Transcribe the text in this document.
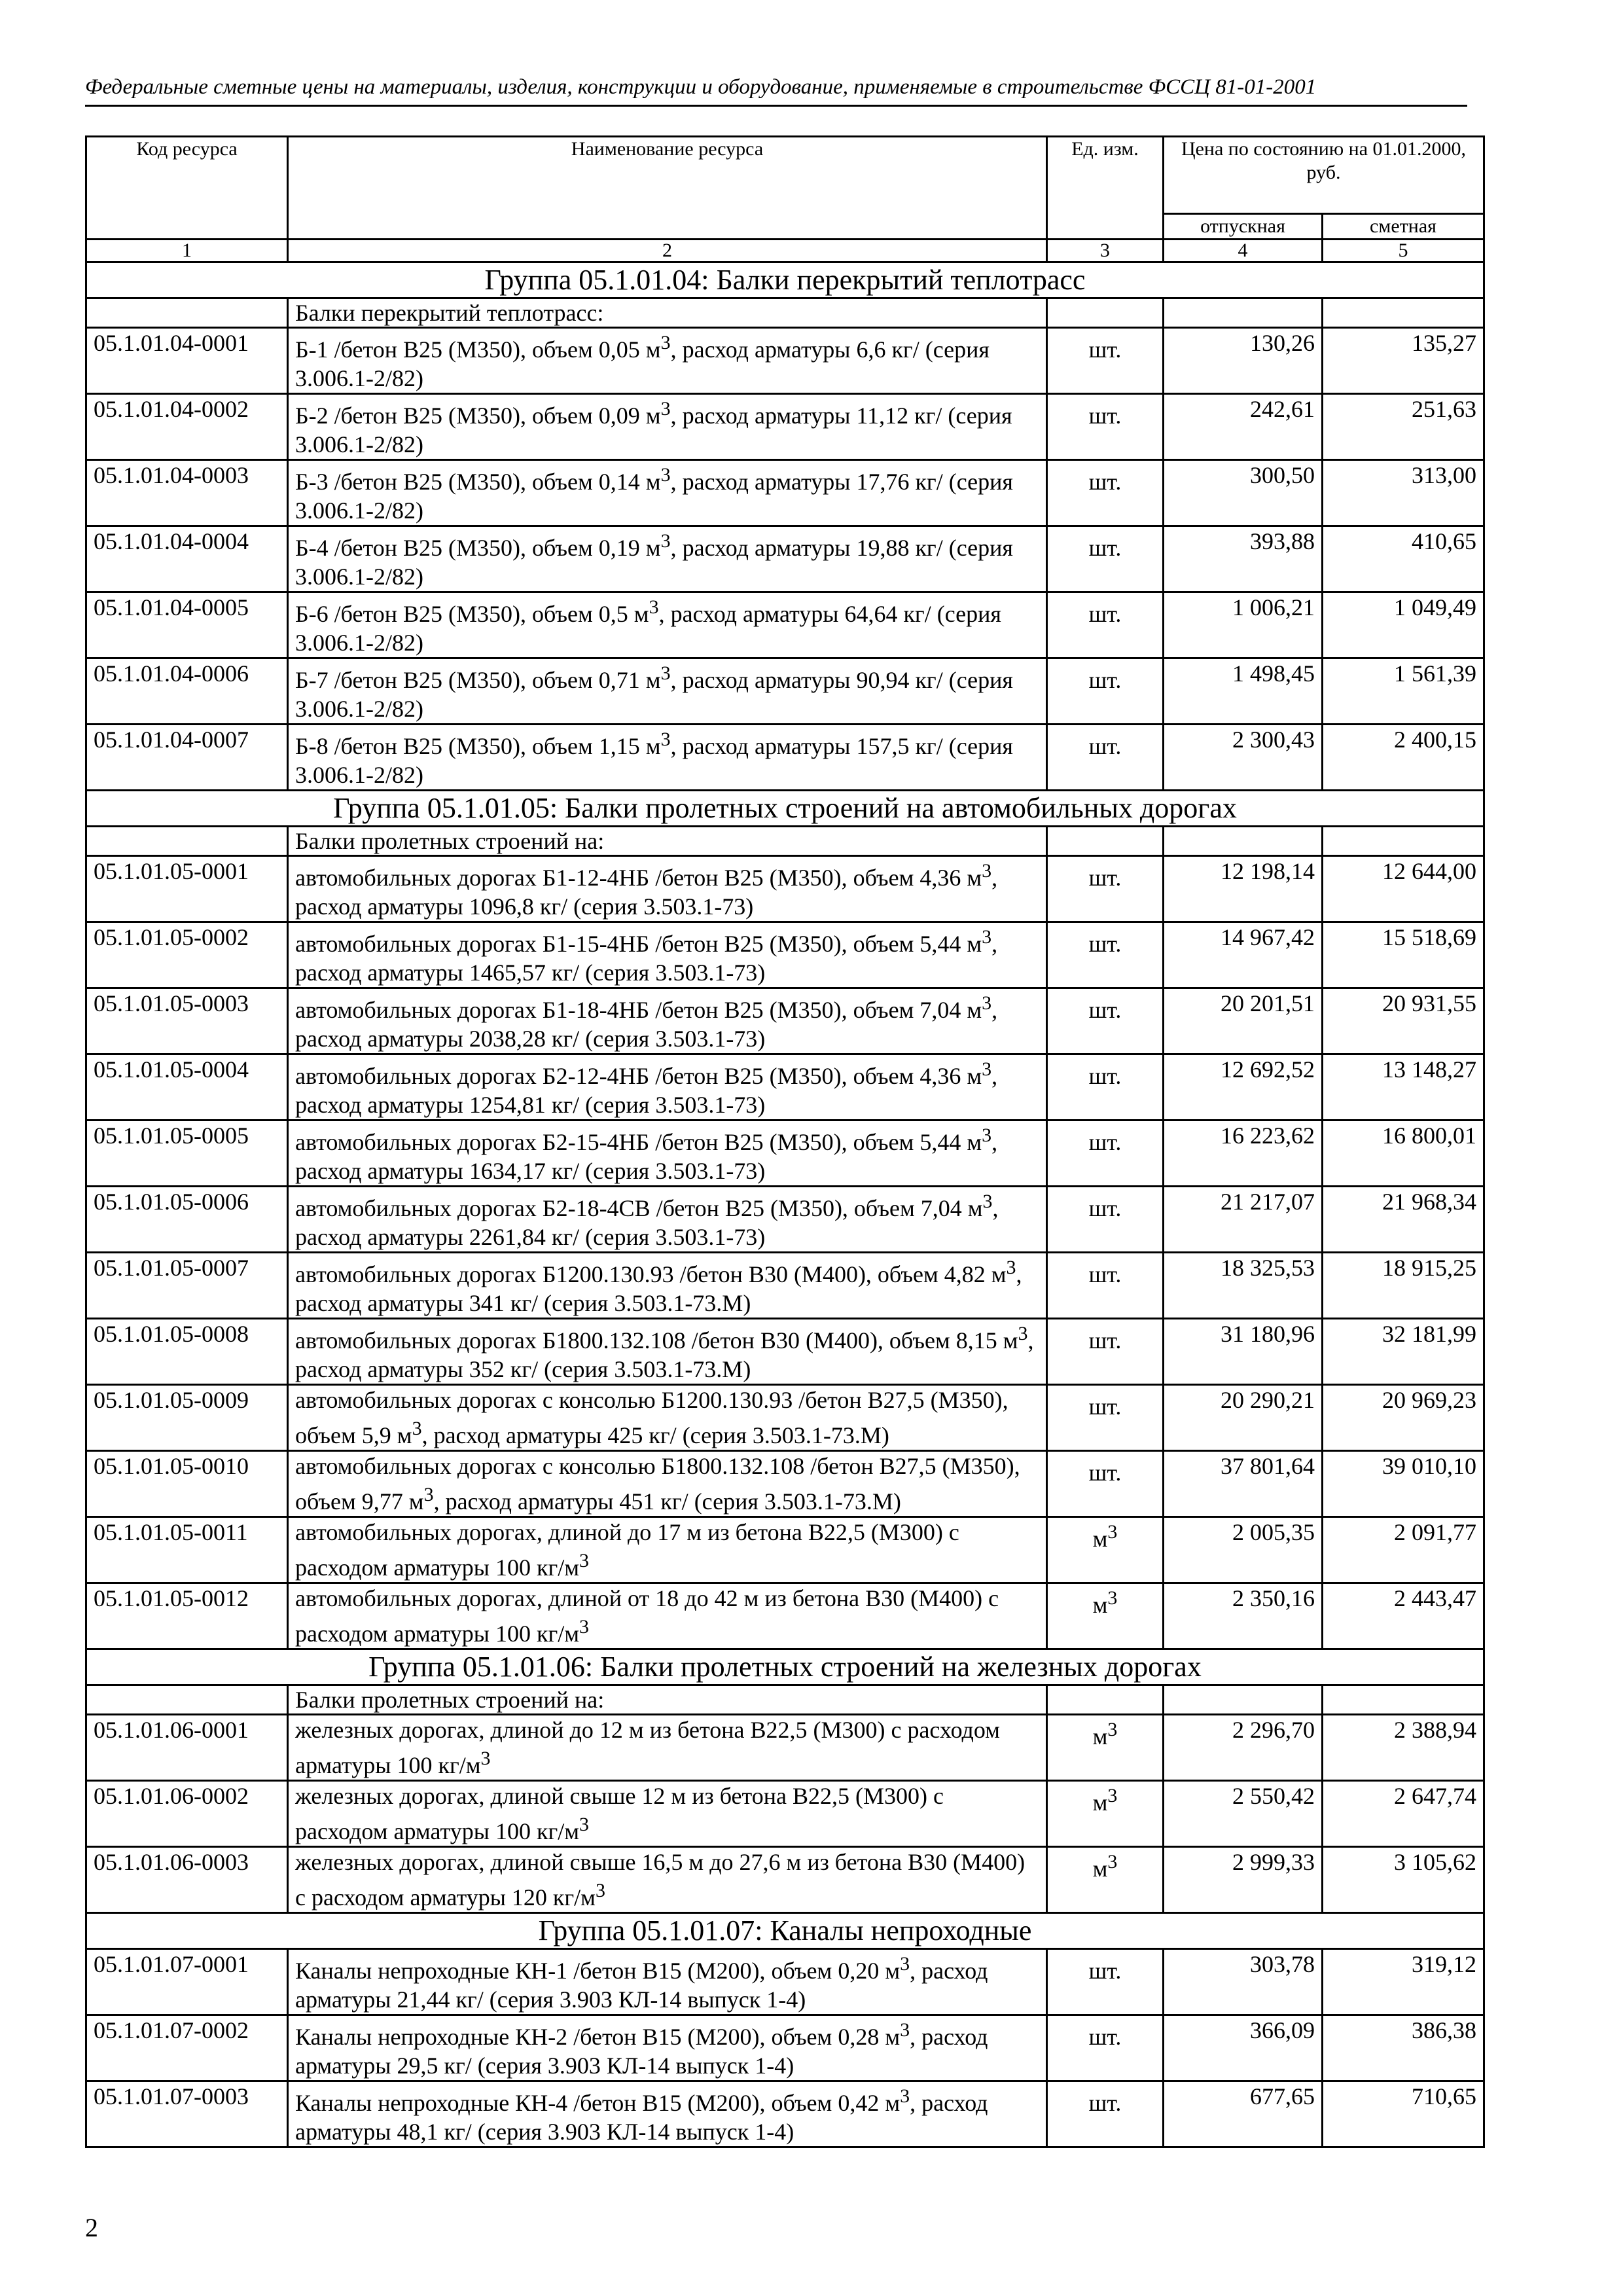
Федеральные сметные цены на материалы, изделия, конструкции и оборудование, применяемые в строительстве ФССЦ 81-01-2001
Код ресурса	Наименование ресурса	Ед. изм.	Цена по состоянию на 01.01.2000, руб.	
			отпускная	сметная
1	2	3	4	5
Группа 05.1.01.04: Балки перекрытий теплотрасс				
	Балки перекрытий теплотрасс:			
05.1.01.04-0001	Б-1 /бетон B25 (M350), объем 0,05 $м^3$, расход арматуры 6,6 кг/ (серия 3.006.1-2/82)	шт.	130,26	135,27
05.1.01.04-0002	Б-2 /бетон B25 (M350), объем 0,09 $м^3$, расход арматуры 11,12 кг/ (серия 3.006.1-2/82)	шт.	242,61	251,63
05.1.01.04-0003	Б-3 /бетон B25 (M350), объем 0,14 $м^3$, расход арматуры 17,76 кг/ (серия 3.006.1-2/82)	шт.	300,50	313,00
05.1.01.04-0004	Б-4 /бетон B25 (M350), объем 0,19 $м^3$, расход арматуры 19,88 кг/ (серия 3.006.1-2/82)	шт.	393,88	410,65
05.1.01.04-0005	Б-6 /бетон B25 (M350), объем 0,5 $м^3$, расход арматуры 64,64 кг/ (серия 3.006.1-2/82)	шт.	1 006,21	1 049,49
05.1.01.04-0006	Б-7 /бетон B25 (M350), объем 0,71 $м^3$, расход арматуры 90,94 кг/ (серия 3.006.1-2/82)	шт.	1 498,45	1 561,39
05.1.01.04-0007	Б-8 /бетон B25 (M350), объем 1,15 $м^3$, расход арматуры 157,5 кг/ (серия 3.006.1-2/82)	шт.	2 300,43	2 400,15
Группа 05.1.01.05: Балки пролетных строений на автомобильных дорогах				
	Балки пролетных строений на:			
05.1.01.05-0001	автомобильных дорогах Б1-12-4НБ /бетон B25 (M350), объем 4,36 $м^3$, расход арматуры 1096,8 кг/ (серия 3.503.1-73)	шт.	12 198,14	12 644,00
05.1.01.05-0002	автомобильных дорогах Б1-15-4НБ /бетон B25 (M350), объем 5,44 $м^3$, расход арматуры 1465,57 кг/ (серия 3.503.1-73)	шт.	14 967,42	15 518,69
05.1.01.05-0003	автомобильных дорогах Б1-18-4НБ /бетон B25 (M350), объем 7,04 $м^3$, расход арматуры 2038,28 кг/ (серия 3.503.1-73)	шт.	20 201,51	20 931,55
05.1.01.05-0004	автомобильных дорогах Б2-12-4НБ /бетон B25 (M350), объем 4,36 $м^3$, расход арматуры 1254,81 кг/ (серия 3.503.1-73)	шт.	12 692,52	13 148,27
05.1.01.05-0005	автомобильных дорогах Б2-15-4НБ /бетон B25 (M350), объем 5,44 $м^3$, расход арматуры 1634,17 кг/ (серия 3.503.1-73)	шт.	16 223,62	16 800,01
05.1.01.05-0006	автомобильных дорогах Б2-18-4СВ /бетон B25 (M350), объем 7,04 $м^3$, расход арматуры 2261,84 кг/ (серия 3.503.1-73)	шт.	21 217,07	21 968,34
05.1.01.05-0007	автомобильных дорогах Б1200.130.93 /бетон B30 (M400), объем 4,82 $м^3$, расход арматуры 341 кг/ (серия 3.503.1-73.М)	шт.	18 325,53	18 915,25
05.1.01.05-0008	автомобильных дорогах Б1800.132.108 /бетон B30 (M400), объем 8,15 $м^3$, расход арматуры 352 кг/ (серия 3.503.1-73.М)	шт.	31 180,96	32 181,99
05.1.01.05-0009	автомобильных дорогах с консолью Б1200.130.93 /бетон B27,5 (M350), объем 5,9 $м^3$, расход арматуры 425 кг/ (серия 3.503.1-73.М)	шт.	20 290,21	20 969,23
05.1.01.05-0010	автомобильных дорогах с консолью Б1800.132.108 /бетон B27,5 (M350), объем 9,77 $м^3$, расход арматуры 451 кг/ (серия 3.503.1-73.М)	шт.	37 801,64	39 010,10
05.1.01.05-0011	автомобильных дорогах, длиной до 17 м из бетона B22,5 (M300) с расходом арматуры 100 $кг/м^3$	$м^3$	2 005,35	2 091,77
05.1.01.05-0012	автомобильных дорогах, длиной от 18 до 42 м из бетона B30 (M400) с расходом арматуры 100 $кг/м^3$	$м^3$	2 350,16	2 443,47
Группа 05.1.01.06: Балки пролетных строений на железных дорогах				
	Балки пролетных строений на:			
05.1.01.06-0001	железных дорогах, длиной до 12 м из бетона B22,5 (M300) с расходом арматуры 100 $кг/м^3$	$м^3$	2 296,70	2 388,94
05.1.01.06-0002	железных дорогах, длиной свыше 12 м из бетона B22,5 (M300) с расходом арматуры 100 $кг/м^3$	$м^3$	2 550,42	2 647,74
05.1.01.06-0003	железных дорогах, длиной свыше 16,5 м до 27,6 м из бетона B30 (M400) с расходом арматуры 120 $кг/м^3$	$м^3$	2 999,33	3 105,62
Группа 05.1.01.07: Каналы непроходные				
05.1.01.07-0001	Каналы непроходные КН-1 /бетон B15 (M200), объем 0,20 $м^3$, расход арматуры 21,44 кг/ (серия 3.903 КЛ-14 выпуск 1-4)	шт.	303,78	319,12
05.1.01.07-0002	Каналы непроходные КН-2 /бетон B15 (M200), объем 0,28 $м^3$, расход арматуры 29,5 кг/ (серия 3.903 КЛ-14 выпуск 1-4)	шт.	366,09	386,38
05.1.01.07-0003	Каналы непроходные КН-4 /бетон B15 (M200), объем 0,42 $м^3$, расход арматуры 48,1 кг/ (серия 3.903 КЛ-14 выпуск 1-4)	шт.	677,65	710,65
2
